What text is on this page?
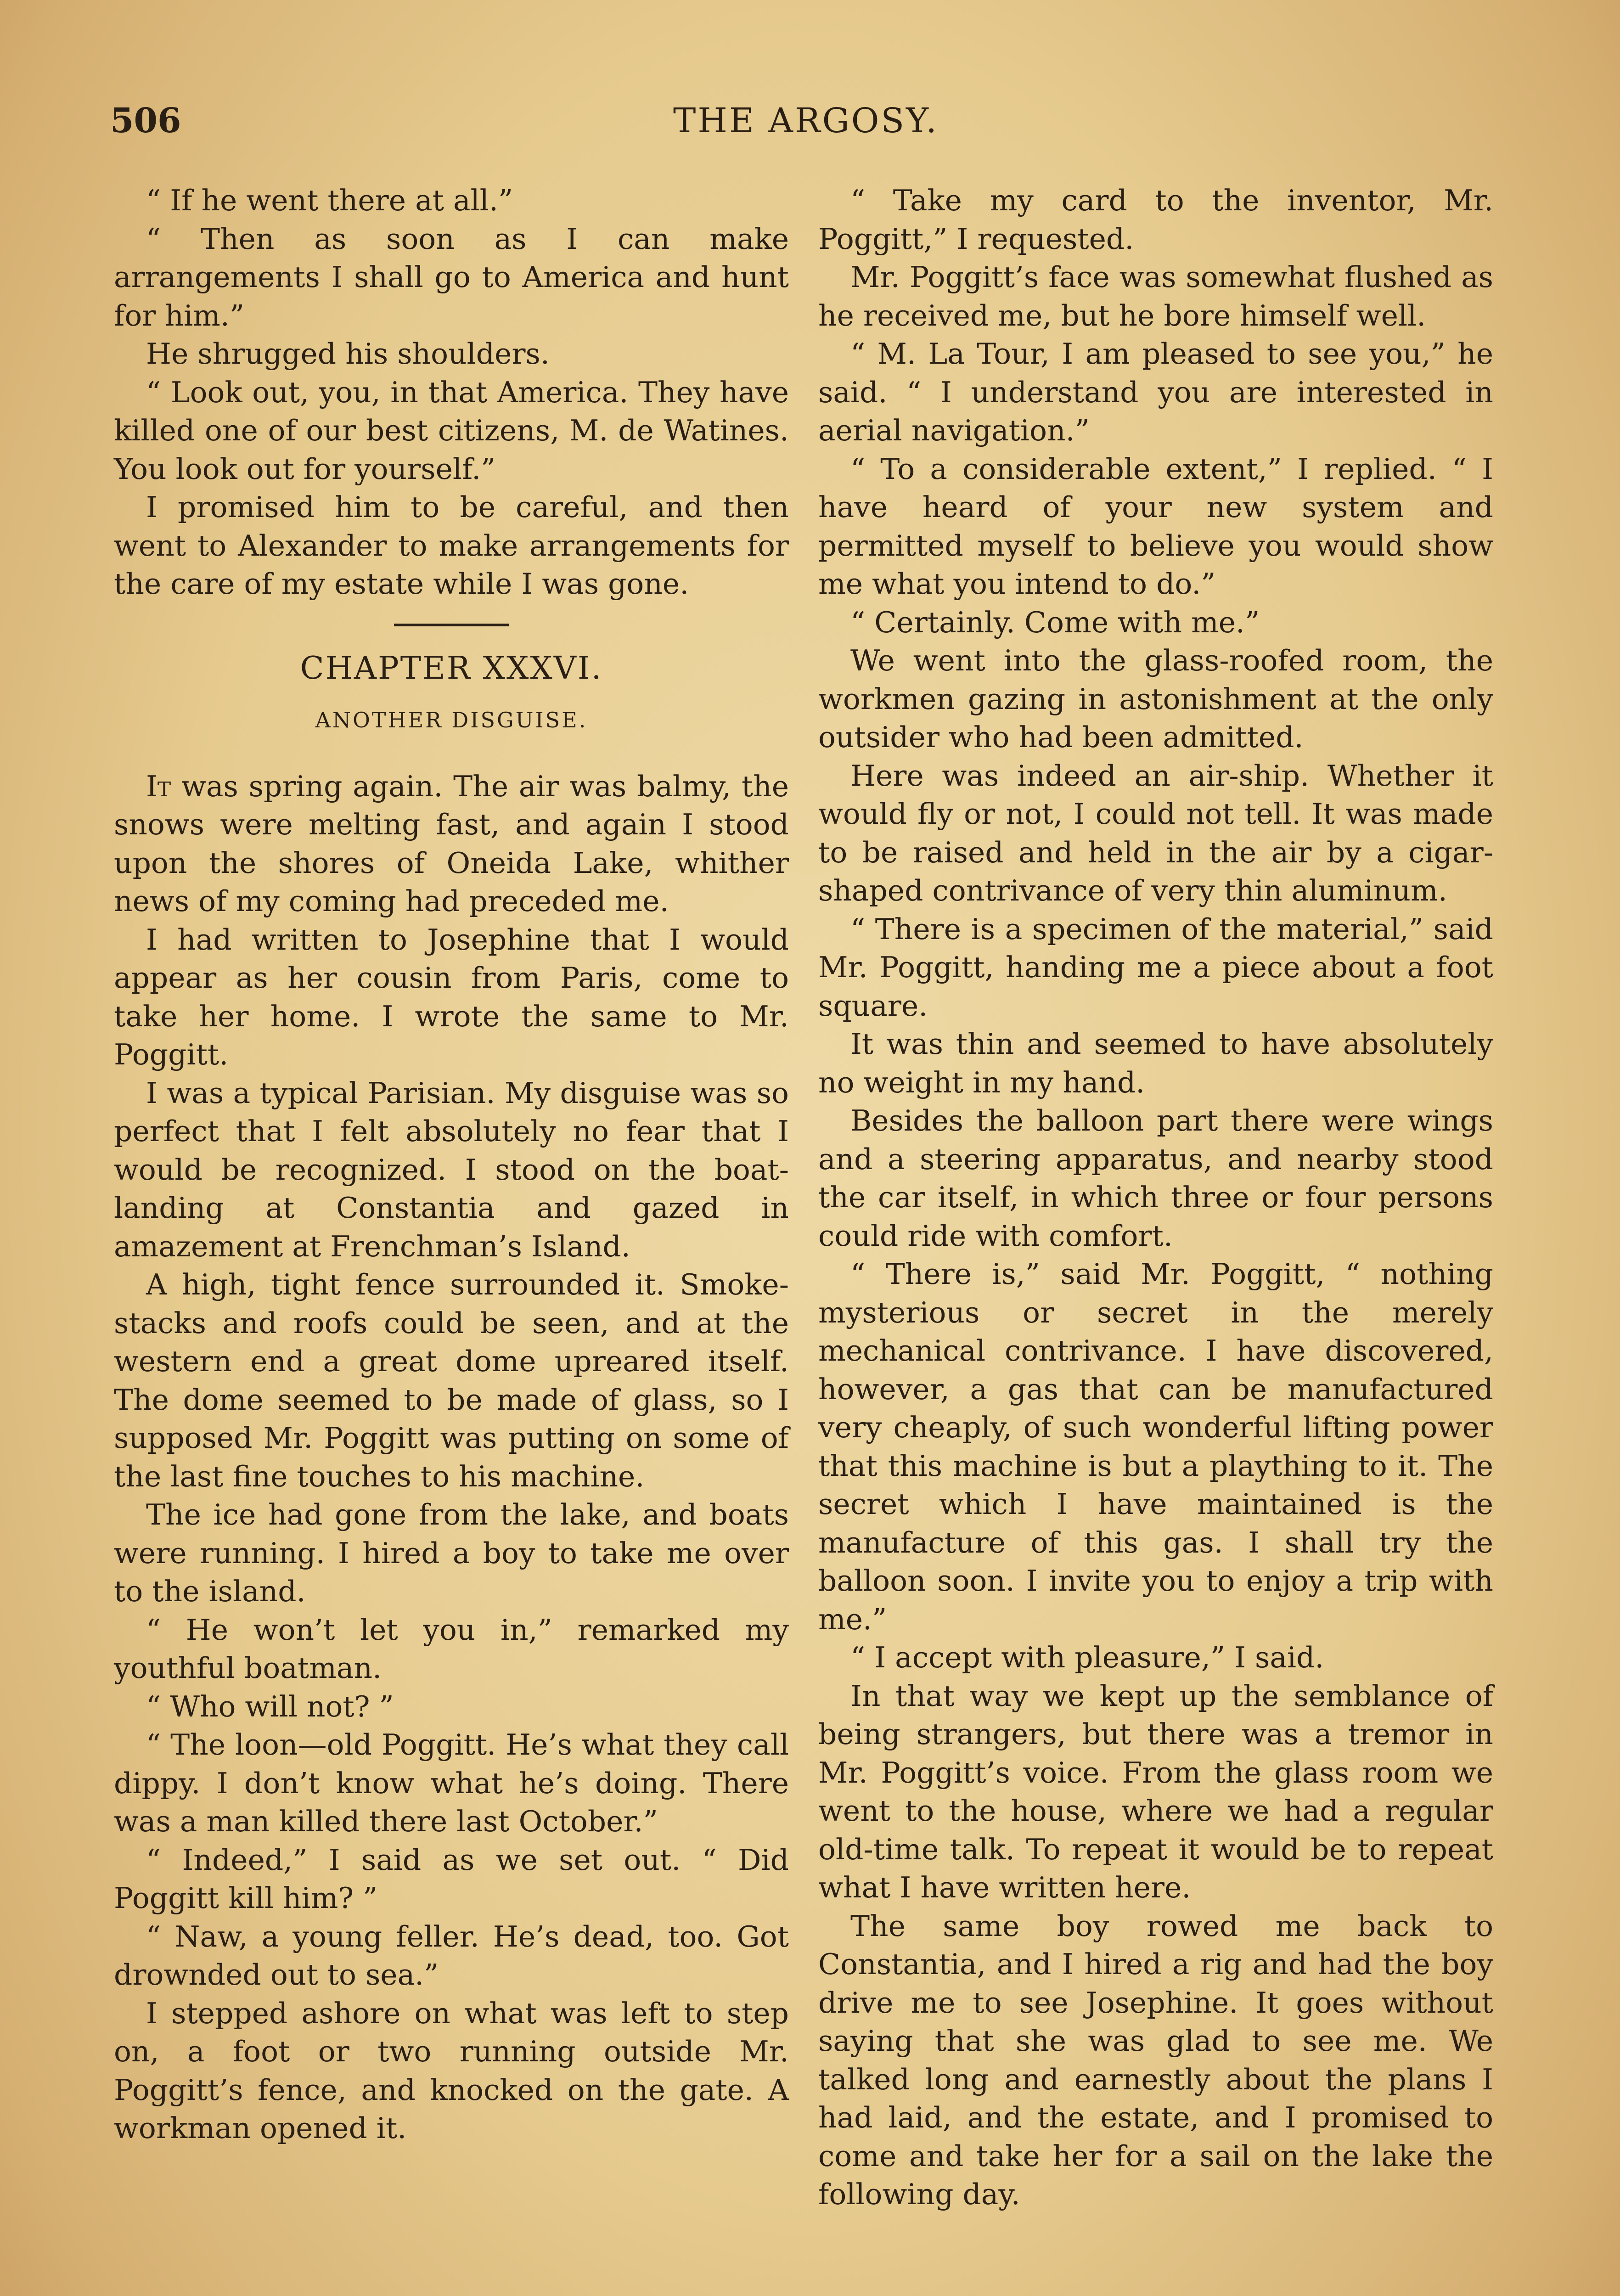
506	THE ARGOSY.

“ If he went there at all.”

“ Then as soon as I can make arrangements I shall go to America and hunt for him.”

He shrugged his shoulders.

“ Look out, you, in that America. They have killed one of our best citizens, M. de Watines. You look out for yourself.”

I promised him to be careful, and then went to Alexander to make arrangements for the care of my estate while I was gone.

CHAPTER XXXVI.
ANOTHER DISGUISE.

It was spring again. The air was balmy, the snows were melting fast, and again I stood upon the shores of Oneida Lake, whither news of my coming had preceded me.

I had written to Josephine that I would appear as her cousin from Paris, come to take her home. I wrote the same to Mr. Poggitt.

I was a typical Parisian. My disguise was so perfect that I felt absolutely no fear that I would be recognized. I stood on the boat-landing at Constantia and gazed in amazement at Frenchman’s Island.

A high, tight fence surrounded it. Smoke-stacks and roofs could be seen, and at the western end a great dome upreared itself. The dome seemed to be made of glass, so I supposed Mr. Poggitt was putting on some of the last fine touches to his machine.

The ice had gone from the lake, and boats were running. I hired a boy to take me over to the island.

“ He won’t let you in,” remarked my youthful boatman.

“ Who will not? ”

“ The loon—old Poggitt. He’s what they call dippy. I don’t know what he’s doing. There was a man killed there last October.”

“ Indeed,” I said as we set out. “ Did Poggitt kill him? ”

“ Naw, a young feller. He’s dead, too. Got drownded out to sea.”

I stepped ashore on what was left to step on, a foot or two running outside Mr. Poggitt’s fence, and knocked on the gate. A workman opened it.

“ Take my card to the inventor, Mr. Poggitt,” I requested.

Mr. Poggitt’s face was somewhat flushed as he received me, but he bore himself well.

“ M. La Tour, I am pleased to see you,” he said. “ I understand you are interested in aerial navigation.”

“ To a considerable extent,” I replied. “ I have heard of your new system and permitted myself to believe you would show me what you intend to do.”

“ Certainly. Come with me.”

We went into the glass-roofed room, the workmen gazing in astonishment at the only outsider who had been admitted.

Here was indeed an air-ship. Whether it would fly or not, I could not tell. It was made to be raised and held in the air by a cigar-shaped contrivance of very thin aluminum.

“ There is a specimen of the material,” said Mr. Poggitt, handing me a piece about a foot square.

It was thin and seemed to have absolutely no weight in my hand.

Besides the balloon part there were wings and a steering apparatus, and nearby stood the car itself, in which three or four persons could ride with comfort.

“ There is,” said Mr. Poggitt, “ nothing mysterious or secret in the merely mechanical contrivance. I have discovered, however, a gas that can be manufactured very cheaply, of such wonderful lifting power that this machine is but a plaything to it. The secret which I have maintained is the manufacture of this gas. I shall try the balloon soon. I invite you to enjoy a trip with me.”

“ I accept with pleasure,” I said.

In that way we kept up the semblance of being strangers, but there was a tremor in Mr. Poggitt’s voice. From the glass room we went to the house, where we had a regular old-time talk. To repeat it would be to repeat what I have written here.

The same boy rowed me back to Constantia, and I hired a rig and had the boy drive me to see Josephine. It goes without saying that she was glad to see me. We talked long and earnestly about the plans I had laid, and the estate, and I promised to come and take her for a sail on the lake the following day.
